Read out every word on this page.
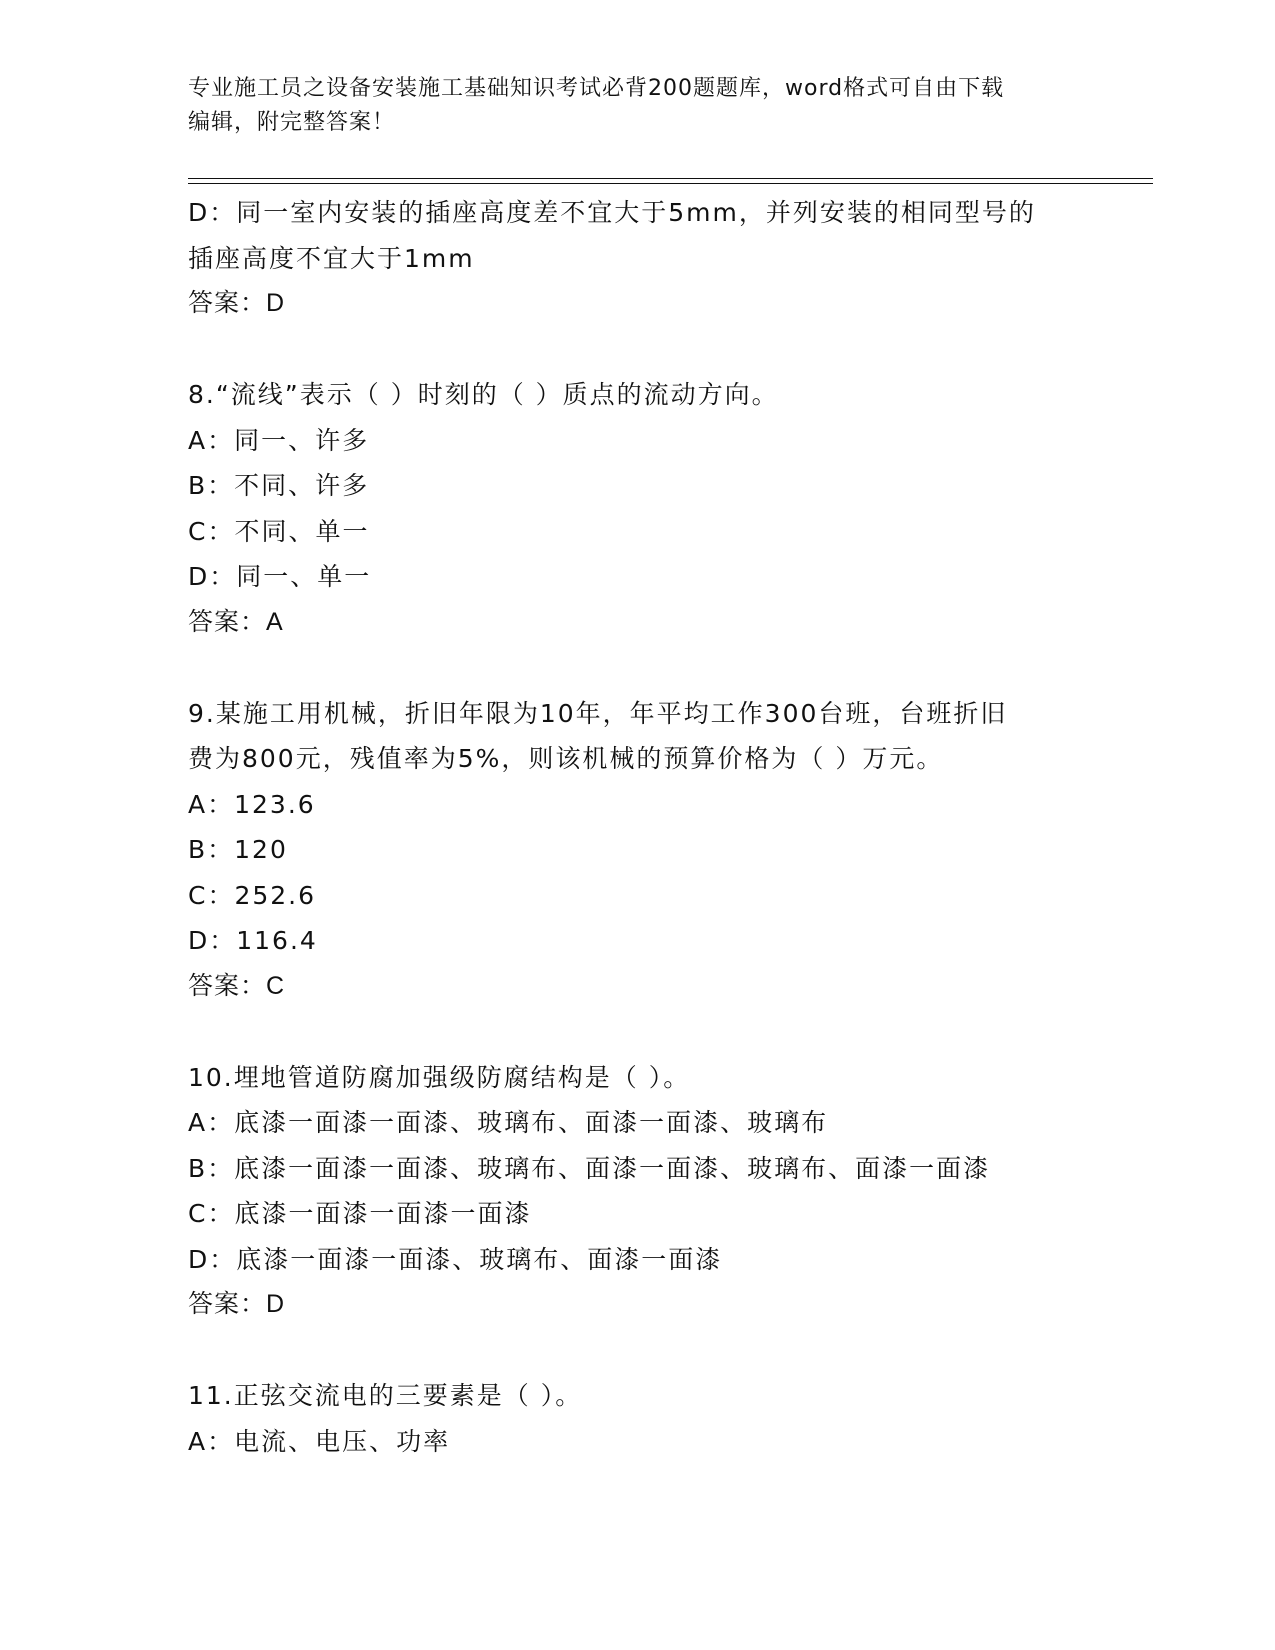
专业施工员之设备安装施工基础知识考试必背200题题库，word格式可自由下载
编辑，附完整答案！
D：同一室内安装的插座高度差不宜大于5mm，并列安装的相同型号的
插座高度不宜大于1mm
答案：D
8.“流线”表示（ ）时刻的（ ）质点的流动方向。
A：同一、许多
B：不同、许多
C：不同、单一
D：同一、单一
答案：A
9.某施工用机械，折旧年限为10年，年平均工作300台班，台班折旧
费为800元，残值率为5%，则该机械的预算价格为（ ）万元。
A：123.6
B：120
C：252.6
D：116.4
答案：C
10.埋地管道防腐加强级防腐结构是（ ）。
A：底漆一面漆一面漆、玻璃布、面漆一面漆、玻璃布
B：底漆一面漆一面漆、玻璃布、面漆一面漆、玻璃布、面漆一面漆
C：底漆一面漆一面漆一面漆
D：底漆一面漆一面漆、玻璃布、面漆一面漆
答案：D
11.正弦交流电的三要素是（ ）。
A：电流、电压、功率
